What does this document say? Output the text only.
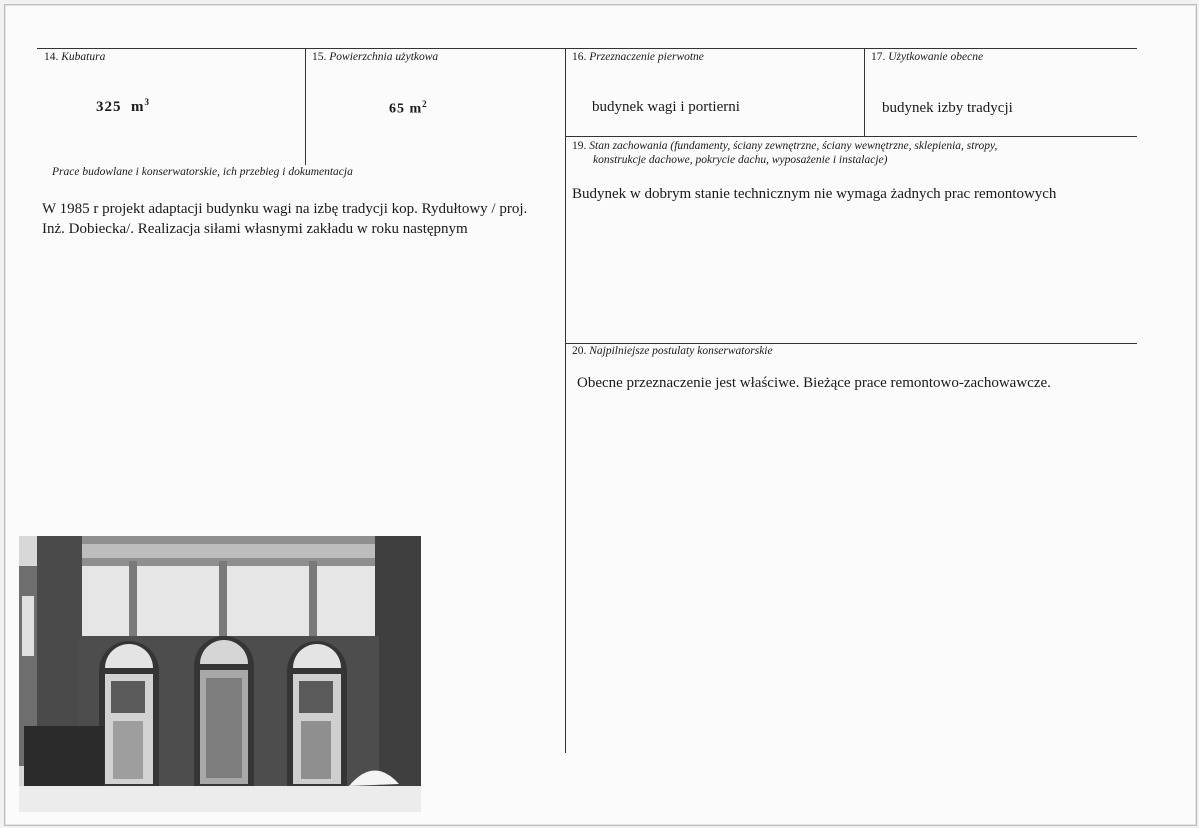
14. Kubatura
325 $m^3$
15. Powierzchnia użytkowa
65 $m^2$
16. Przeznaczenie pierwotne
budynek wagi i portierni
17. Użytkowanie obecne
budynek izby tradycji
Prace budowlane i konserwatorskie, ich przebieg i dokumentacja
W 1985 r projekt adaptacji budynku wagi na izbę tradycji kop. Rydułtowy / proj.
Inż. Dobiecka/. Realizacja siłami własnymi zakładu w roku następnym
19. Stan zachowania (fundamenty, ściany zewnętrzne, ściany wewnętrzne, sklepienia, stropy,
konstrukcje dachowe, pokrycie dachu, wyposażenie i instalacje)
Budynek w dobrym stanie technicznym nie wymaga żadnych prac remontowych
20. Najpilniejsze postulaty konserwatorskie
Obecne przeznaczenie jest właściwe. Bieżące prace remontowo-zachowawcze.
